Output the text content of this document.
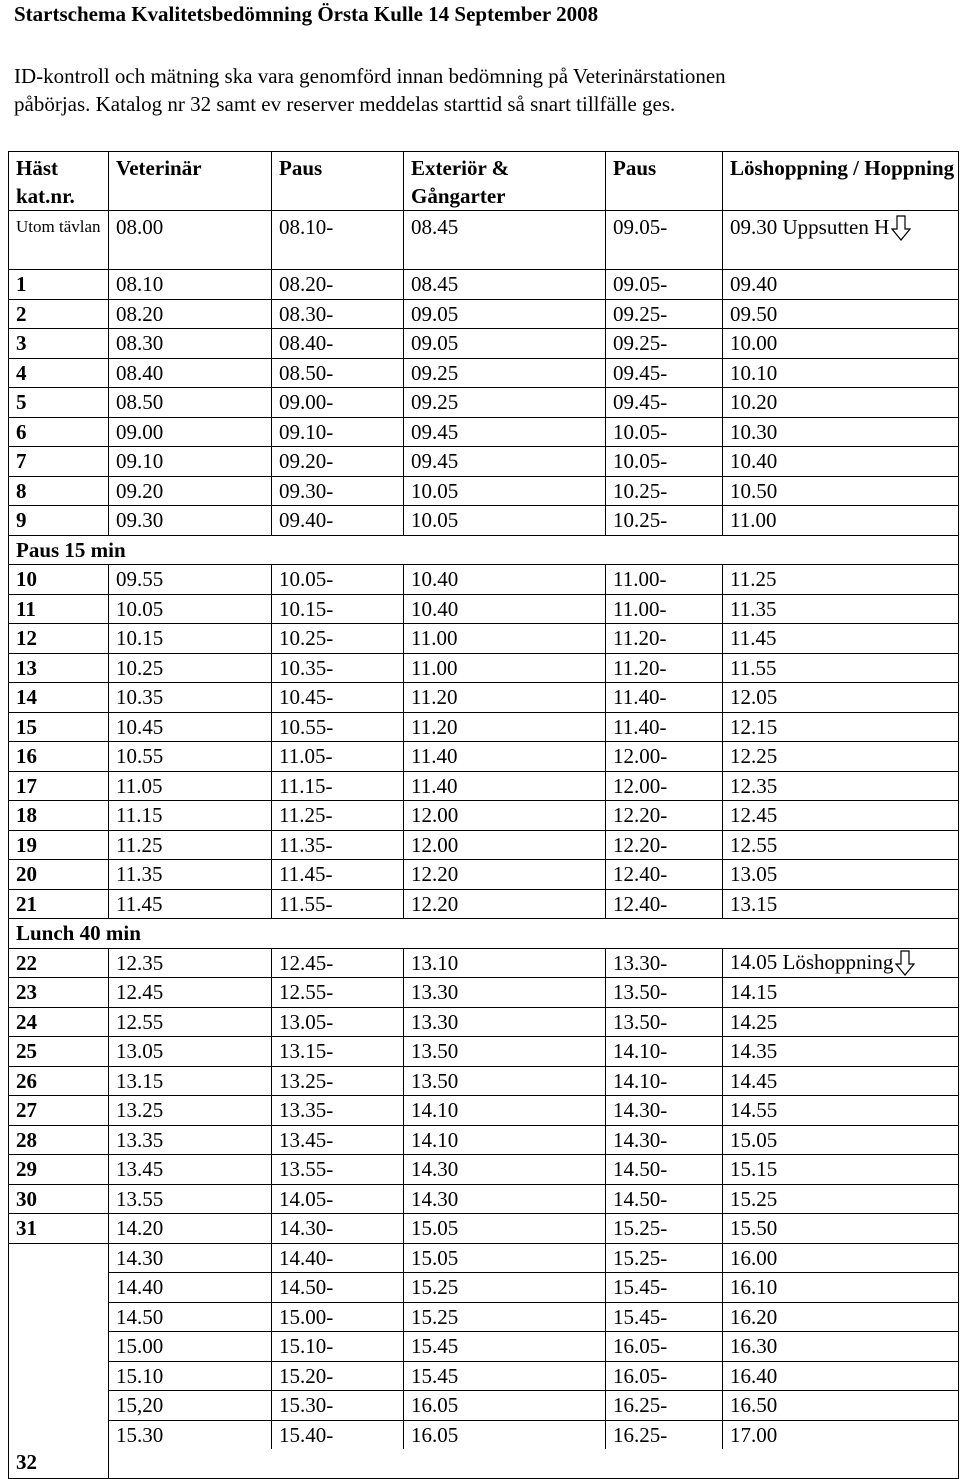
Startschema Kvalitetsbedömning Örsta Kulle 14 September 2008
ID-kontroll och mätning ska vara genomförd innan bedömning på Veterinärstationen
påbörjas. Katalog nr 32 samt ev reserver meddelas starttid så snart tillfälle ges.
Häst kat.nr.	Veterinär	Paus	Exteriör & Gångarter	Paus	Löshoppning / Hoppning
Utom tävlan	08.00	08.10-	08.45	09.05-	09.30 Uppsutten H

1	08.10	08.20-	08.45	09.05-	09.40
2	08.20	08.30-	09.05	09.25-	09.50
3	08.30	08.40-	09.05	09.25-	10.00
4	08.40	08.50-	09.25	09.45-	10.10
5	08.50	09.00-	09.25	09.45-	10.20
6	09.00	09.10-	09.45	10.05-	10.30
7	09.10	09.20-	09.45	10.05-	10.40
8	09.20	09.30-	10.05	10.25-	10.50
9	09.30	09.40-	10.05	10.25-	11.00
Paus 15 min					
10	09.55	10.05-	10.40	11.00-	11.25
11	10.05	10.15-	10.40	11.00-	11.35
12	10.15	10.25-	11.00	11.20-	11.45
13	10.25	10.35-	11.00	11.20-	11.55
14	10.35	10.45-	11.20	11.40-	12.05
15	10.45	10.55-	11.20	11.40-	12.15
16	10.55	11.05-	11.40	12.00-	12.25
17	11.05	11.15-	11.40	12.00-	12.35
18	11.15	11.25-	12.00	12.20-	12.45
19	11.25	11.35-	12.00	12.20-	12.55
20	11.35	11.45-	12.20	12.40-	13.05
21	11.45	11.55-	12.20	12.40-	13.15
Lunch 40 min					
22	12.35	12.45-	13.10	13.30-	14.05 Löshoppning

23	12.45	12.55-	13.30	13.50-	14.15
24	12.55	13.05-	13.30	13.50-	14.25
25	13.05	13.15-	13.50	14.10-	14.35
26	13.15	13.25-	13.50	14.10-	14.45
27	13.25	13.35-	14.10	14.30-	14.55
28	13.35	13.45-	14.10	14.30-	15.05
29	13.45	13.55-	14.30	14.50-	15.15
30	13.55	14.05-	14.30	14.50-	15.25
31	14.20	14.30-	15.05	15.25-	15.50
32	14.30	14.40-	15.05	15.25-	16.00
	14.40	14.50-	15.25	15.45-	16.10
	14.50	15.00-	15.25	15.45-	16.20
	15.00	15.10-	15.45	16.05-	16.30
	15.10	15.20-	15.45	16.05-	16.40
	15,20	15.30-	16.05	16.25-	16.50
	15.30	15.40-	16.05	16.25-	17.00
